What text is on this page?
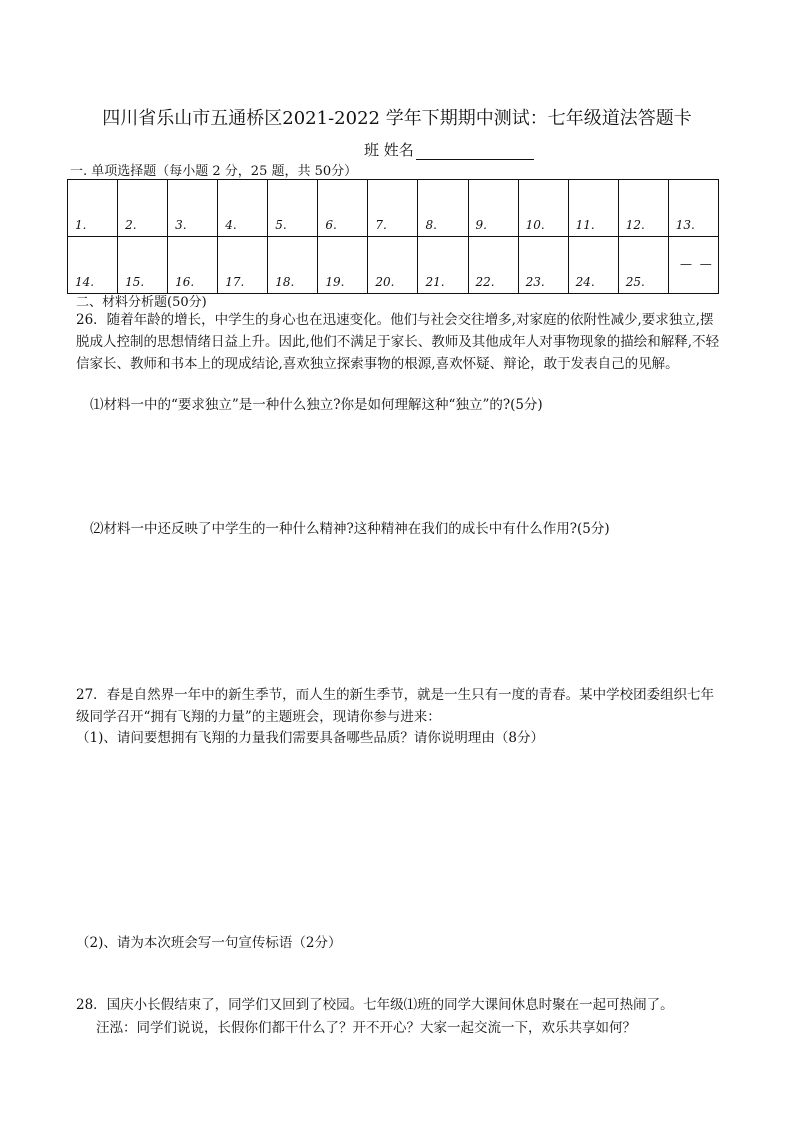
四川省乐山市五通桥区2021-2022 学年下期期中测试：七年级道法答题卡
班 姓名
一. 单项选择题（每小题 2 分，25 题，共 50分）
1.	2.	3.	4.	5.	6.	7.	8.	9.	10.	11.	12.	13.
14.	15.	16.	17.	18.	19.	20.	21.	22.	23.	24.	25.	— —
二、材料分析题(50分)
26．随着年龄的增长，中学生的身心也在迅速变化。他们与社会交往增多,对家庭的依附性减少,要求独立,摆脱成人控制的思想情绪日益上升。因此,他们不满足于家长、教师及其他成年人对事物现象的描绘和解释,不轻信家长、教师和书本上的现成结论,喜欢独立探索事物的根源,喜欢怀疑、辩论，敢于发表自己的见解。
⑴材料一中的“要求独立”是一种什么独立?你是如何理解这种“独立”的?(5分)
⑵材料一中还反映了中学生的一种什么精神?这种精神在我们的成长中有什么作用?(5分)
27．春是自然界一年中的新生季节，而人生的新生季节，就是一生只有一度的青春。某中学校团委组织七年级同学召开“拥有飞翔的力量”的主题班会，现请你参与进来：
（1)、请问要想拥有飞翔的力量我们需要具备哪些品质？请你说明理由（8分）
（2)、请为本次班会写一句宣传标语（2分）
28．国庆小长假结束了，同学们又回到了校园。七年级⑴班的同学大课间休息时聚在一起可热闹了。
汪泓：同学们说说，长假你们都干什么了？开不开心？大家一起交流一下，欢乐共享如何？
